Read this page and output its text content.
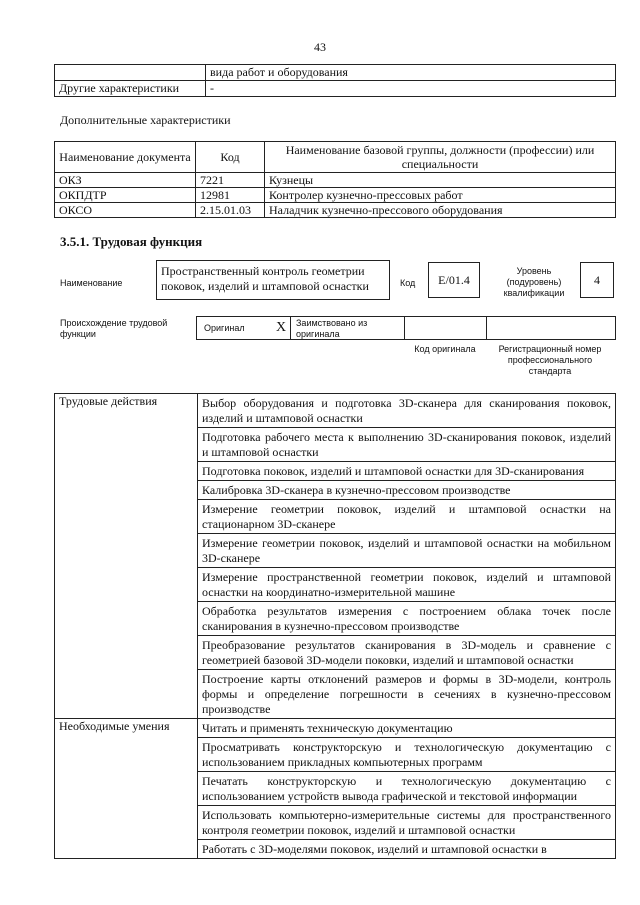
43
	вида работ и оборудования
Другие характеристики	-
Дополнительные характеристики
Наименование документа	Код	Наименование базовой группы, должности (профессии) или специальности
ОКЗ	7221	Кузнецы
ОКПДТР	12981	Контролер кузнечно-прессовых работ
ОКСО	2.15.01.03	Наладчик кузнечно-прессового оборудования
3.5.1. Трудовая функция
Наименование
Пространственный контроль геометрии поковок, изделий и штамповой оснастки	Код	E/01.4
Уровень (подуровень) квалификации
4
Происхождение трудовой функции
Оригинал X	Заимствовано из оригинала
Код оригинала	Регистрационный номер профессионального стандарта
Трудовые действия	Выбор оборудования и подготовка 3D-сканера для сканирования поковок, изделий и штамповой оснастки
	Подготовка рабочего места к выполнению 3D-сканирования поковок, изделий и штамповой оснастки
	Подготовка поковок, изделий и штамповой оснастки для 3D-сканирования
	Калибровка 3D-сканера в кузнечно-прессовом производстве
	Измерение геометрии поковок, изделий и штамповой оснастки на стационарном 3D-сканере
	Измерение геометрии поковок, изделий и штамповой оснастки на мобильном 3D-сканере
	Измерение пространственной геометрии поковок, изделий и штамповой оснастки на координатно-измерительной машине
	Обработка результатов измерения с построением облака точек после сканирования в кузнечно-прессовом производстве
	Преобразование результатов сканирования в 3D-модель и сравнение с геометрией базовой 3D-модели поковки, изделий и штамповой оснастки
	Построение карты отклонений размеров и формы в 3D-модели, контроль формы и определение погрешности в сечениях в кузнечно-прессовом производстве
Необходимые умения	Читать и применять техническую документацию
	Просматривать конструкторскую и технологическую документацию с использованием прикладных компьютерных программ
	Печатать конструкторскую и технологическую документацию с использованием устройств вывода графической и текстовой информации
	Использовать компьютерно-измерительные системы для пространственного контроля геометрии поковок, изделий и штамповой оснастки
	Работать с 3D-моделями поковок, изделий и штамповой оснастки в
